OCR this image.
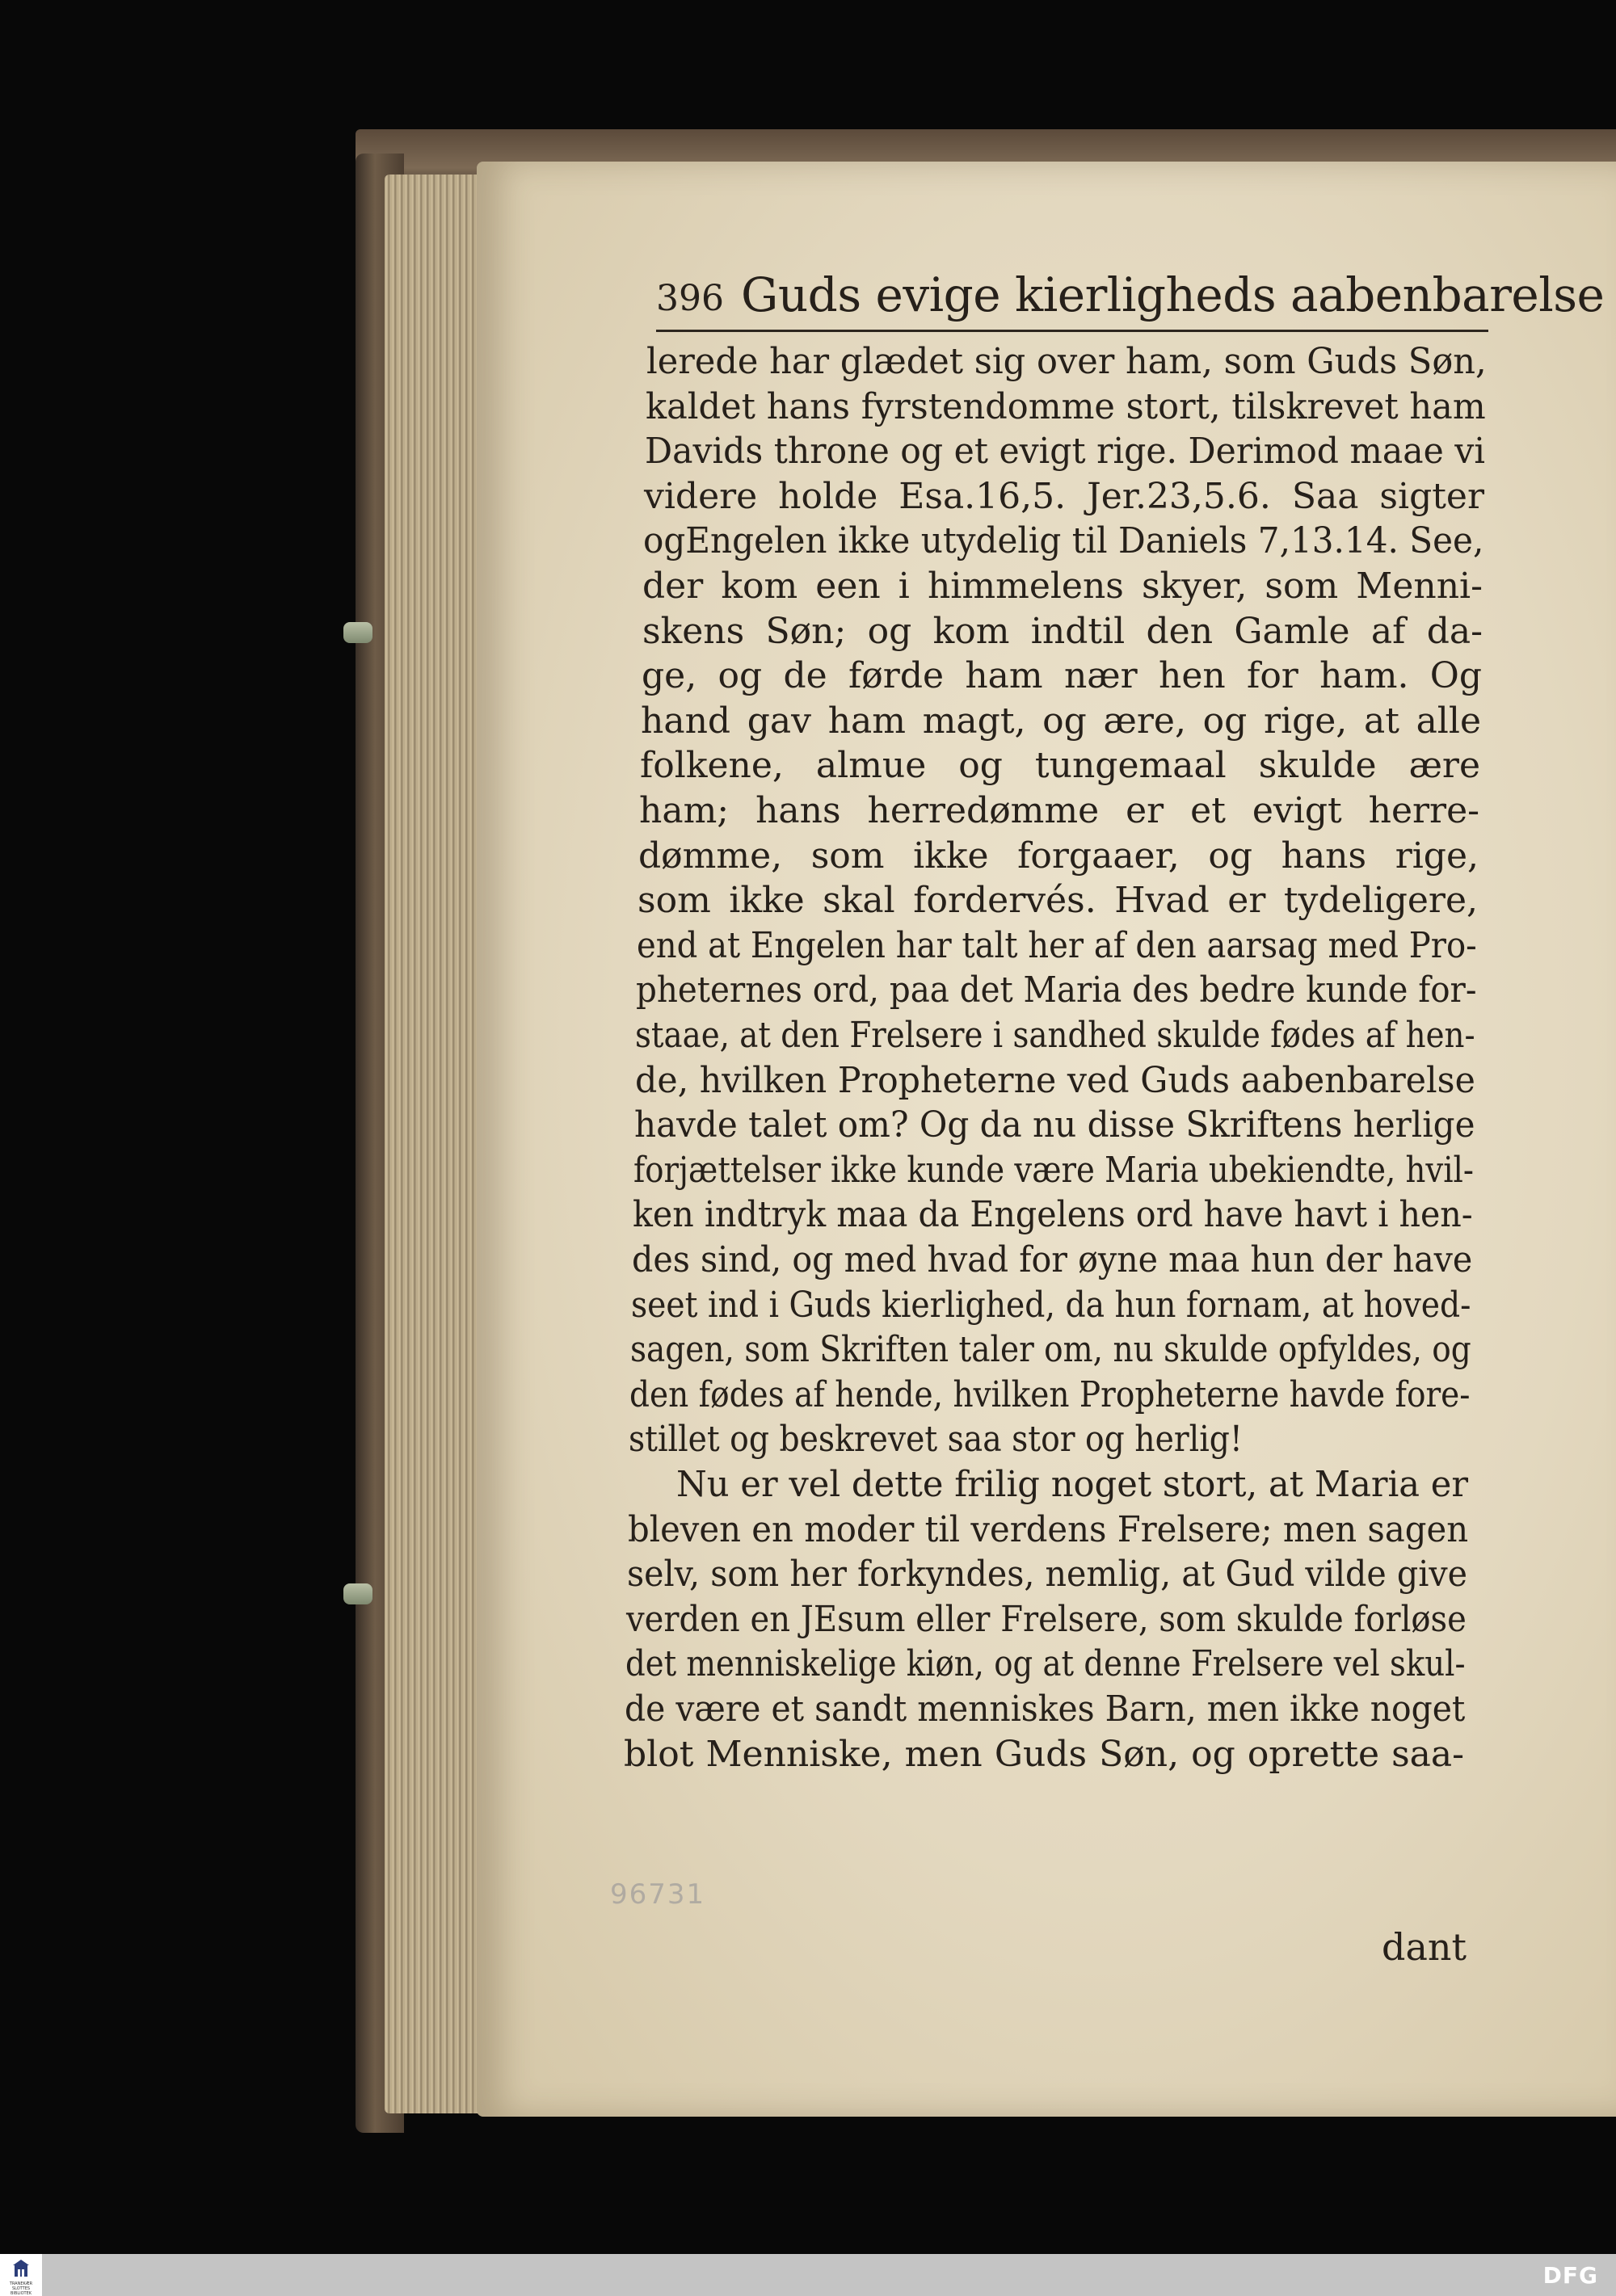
396 Guds evige kierligheds aabenbarelse
lerede har glædet sig over ham, som Guds Søn,
kaldet hans fyrstendomme stort, tilskrevet ham
Davids throne og et evigt rige. Derimod maae vi
videre holde Esa.16,5. Jer.23,5.6. Saa sigter
ogEngelen ikke utydelig til Daniels 7,13.14. See,
der kom een i himmelens skyer, som Menni-
skens Søn; og kom indtil den Gamle af da-
ge, og de førde ham nær hen for ham. Og
hand gav ham magt, og ære, og rige, at alle
folkene, almue og tungemaal skulde ære
ham; hans herredømme er et evigt herre-
dømme, som ikke forgaaer, og hans rige,
som ikke skal fordervés. Hvad er tydeligere,
end at Engelen har talt her af den aarsag med Pro-
pheternes ord, paa det Maria des bedre kunde for-
staae, at den Frelsere i sandhed skulde fødes af hen-
de, hvilken Propheterne ved Guds aabenbarelse
havde talet om? Og da nu disse Skriftens herlige
forjættelser ikke kunde være Maria ubekiendte, hvil-
ken indtryk maa da Engelens ord have havt i hen-
des sind, og med hvad for øyne maa hun der have
seet ind i Guds kierlighed, da hun fornam, at hoved-
sagen, som Skriften taler om, nu skulde opfyldes, og
den fødes af hende, hvilken Propheterne havde fore-
stillet og beskrevet saa stor og herlig!
Nu er vel dette frilig noget stort, at Maria er
bleven en moder til verdens Frelsere; men sagen
selv, som her forkyndes, nemlig, at Gud vilde give
verden en JEsum eller Frelsere, som skulde forløse
det menniskelige kiøn, og at denne Frelsere vel skul-
de være et sandt menniskes Barn, men ikke noget
blot Menniske, men Guds Søn, og oprette saa-
96731
dant
TRANEKÆR SLOTTES BIBLIOTEK
DFG
